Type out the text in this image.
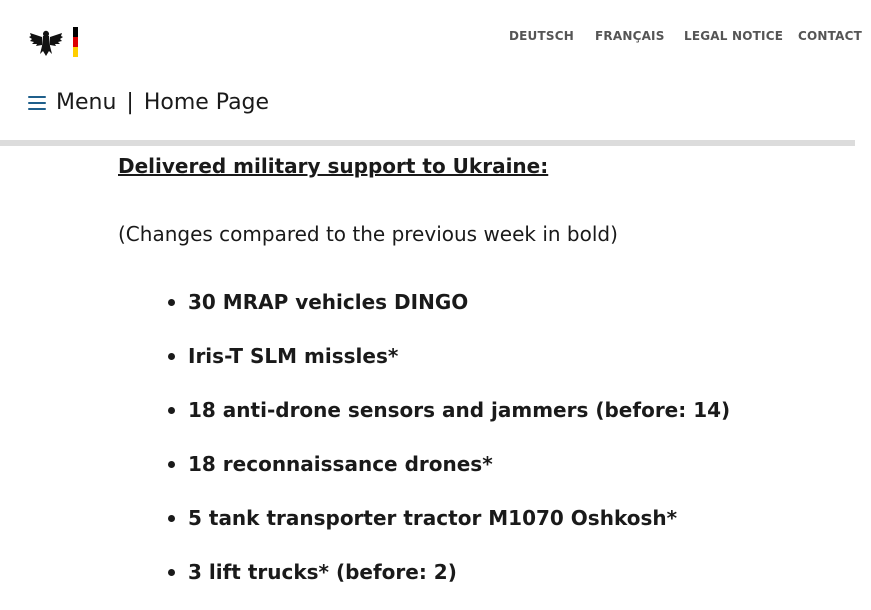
DEUTSCH FRANÇAIS LEGAL NOTICE	CONTACT
Menu | Home Page
Delivered military support to Ukraine:

(Changes compared to the previous week in bold)

30 MRAP vehicles DINGO
Iris-T SLM missles*
18 anti-drone sensors and jammers (before: 14)
18 reconnaissance drones*
5 tank transporter tractor M1070 Oshkosh*
3 lift trucks* (before: 2)
